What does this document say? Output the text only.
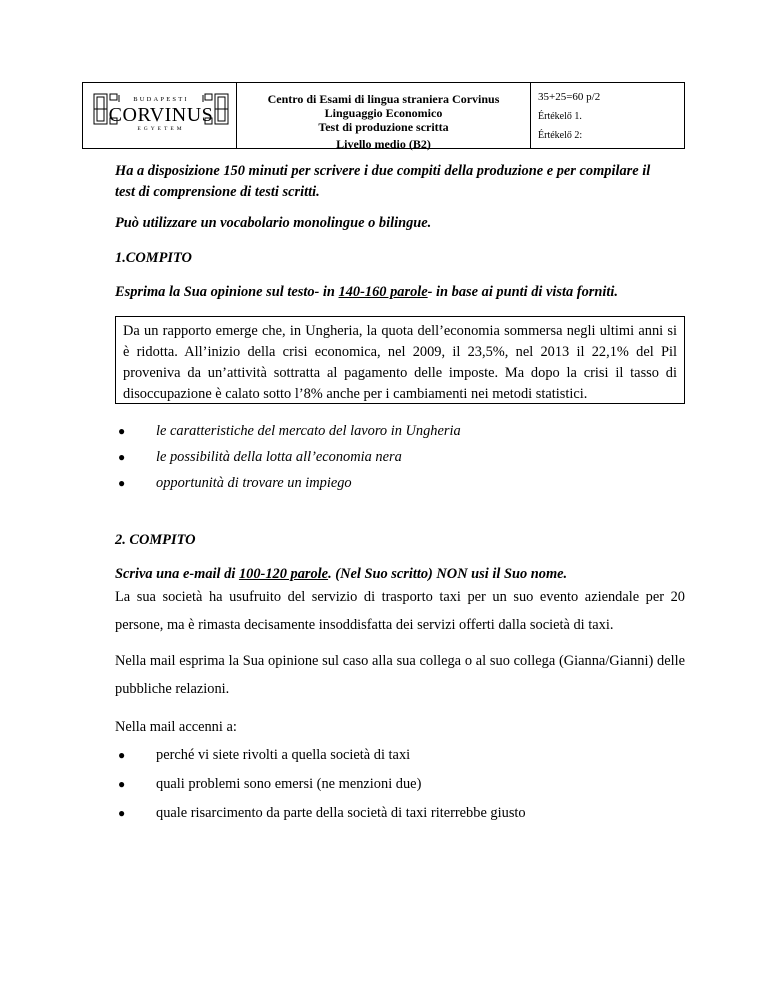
BUDAPESTI
CORVINUS
EGYETEM
Centro di Esami di lingua straniera Corvinus
Linguaggio Economico
Test di produzione scritta
Livello medio (B2)
35+25=60 p/2
Értékelő 1.
Értékelő 2:
Ha a disposizione 150 minuti per scrivere i due compiti della produzione e per compilare il
test di comprensione di testi scritti.
Può utilizzare un vocabolario monolingue o bilingue.
1.COMPITO
Esprima la Sua opinione sul testo- in 140-160 parole- in base ai punti di vista forniti.
Da un rapporto emerge che, in Ungheria, la quota dell’economia sommersa negli ultimi anni si è ridotta. All’inizio della crisi economica, nel 2009, il 23,5%, nel 2013 il 22,1% del Pil proveniva da un’attività sottratta al pagamento delle imposte. Ma dopo la crisi il tasso di disoccupazione è calato sotto l’8% anche per i cambiamenti nei metodi statistici.
● le caratteristiche del mercato del lavoro in Ungheria
● le possibilità della lotta all’economia nera
● opportunità di trovare un impiego
2. COMPITO
Scriva una e-mail di 100-120 parole. (Nel Suo scritto) NON usi il Suo nome.
La sua società ha usufruito del servizio di trasporto taxi per un suo evento aziendale per 20 persone, ma è rimasta decisamente insoddisfatta dei servizi offerti dalla società di taxi.
Nella mail esprima la Sua opinione sul caso alla sua collega o al suo collega (Gianna/Gianni) delle pubbliche relazioni.
Nella mail accenni a:
● perché vi siete rivolti a quella società di taxi
● quali problemi sono emersi (ne menzioni due)
● quale risarcimento da parte della società di taxi riterrebbe giusto
